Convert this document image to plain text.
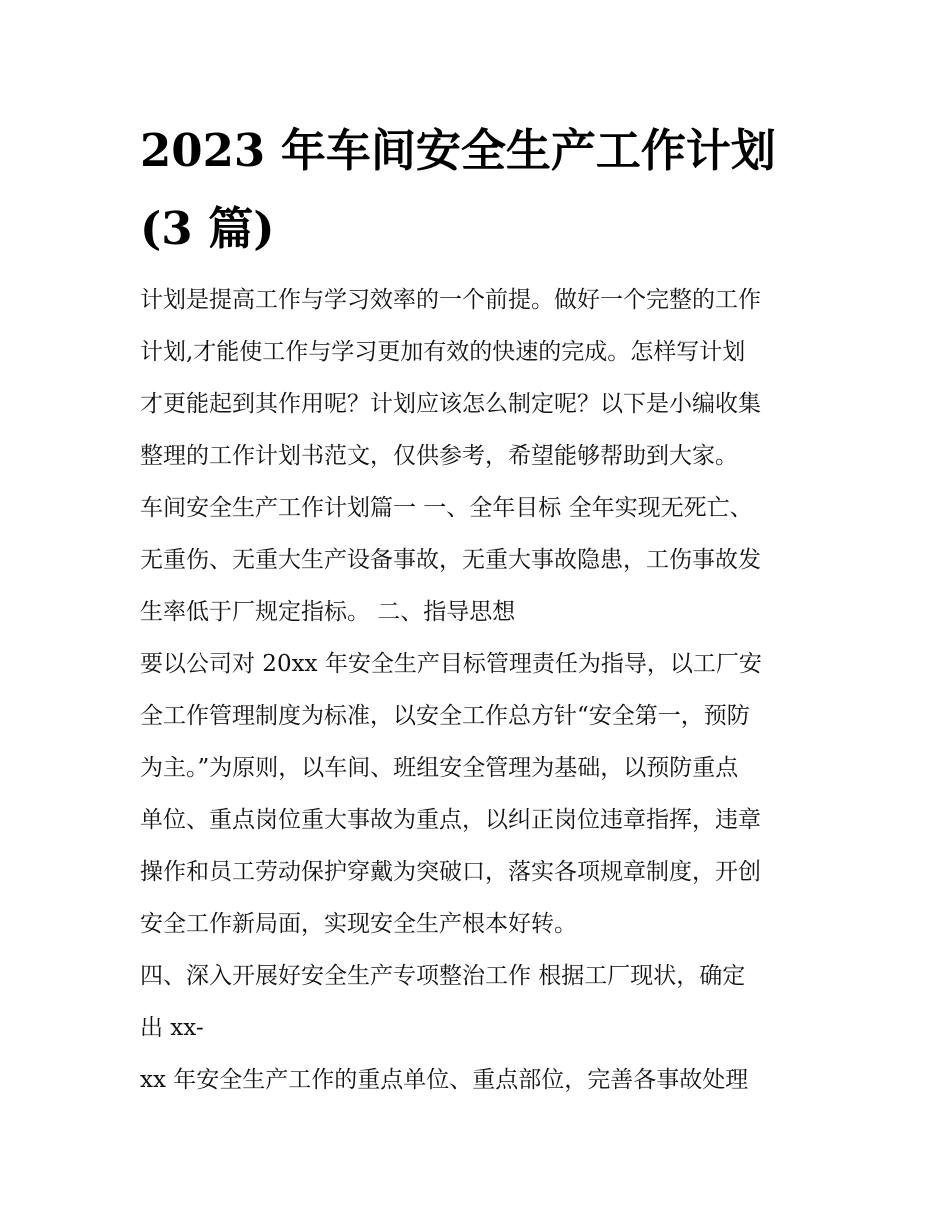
2023 年车间安全生产工作计划
(3 篇)
计划是提高工作与学习效率的一个前提。做好一个完整的工作
计划,才能使工作与学习更加有效的快速的完成。怎样写计划
才更能起到其作用呢？计划应该怎么制定呢？以下是小编收集
整理的工作计划书范文，仅供参考，希望能够帮助到大家。
车间安全生产工作计划篇一 一、全年目标 全年实现无死亡、
无重伤、无重大生产设备事故，无重大事故隐患，工伤事故发
生率低于厂规定指标。 二、指导思想
要以公司对 20xx 年安全生产目标管理责任为指导，以工厂安
全工作管理制度为标准，以安全工作总方针“安全第一，预防
为主。”为原则，以车间、班组安全管理为基础，以预防重点
单位、重点岗位重大事故为重点，以纠正岗位违章指挥，违章
操作和员工劳动保护穿戴为突破口，落实各项规章制度，开创
安全工作新局面，实现安全生产根本好转。
四、深入开展好安全生产专项整治工作 根据工厂现状，确定
出 xx-
xx 年安全生产工作的重点单位、重点部位，完善各事故处理
